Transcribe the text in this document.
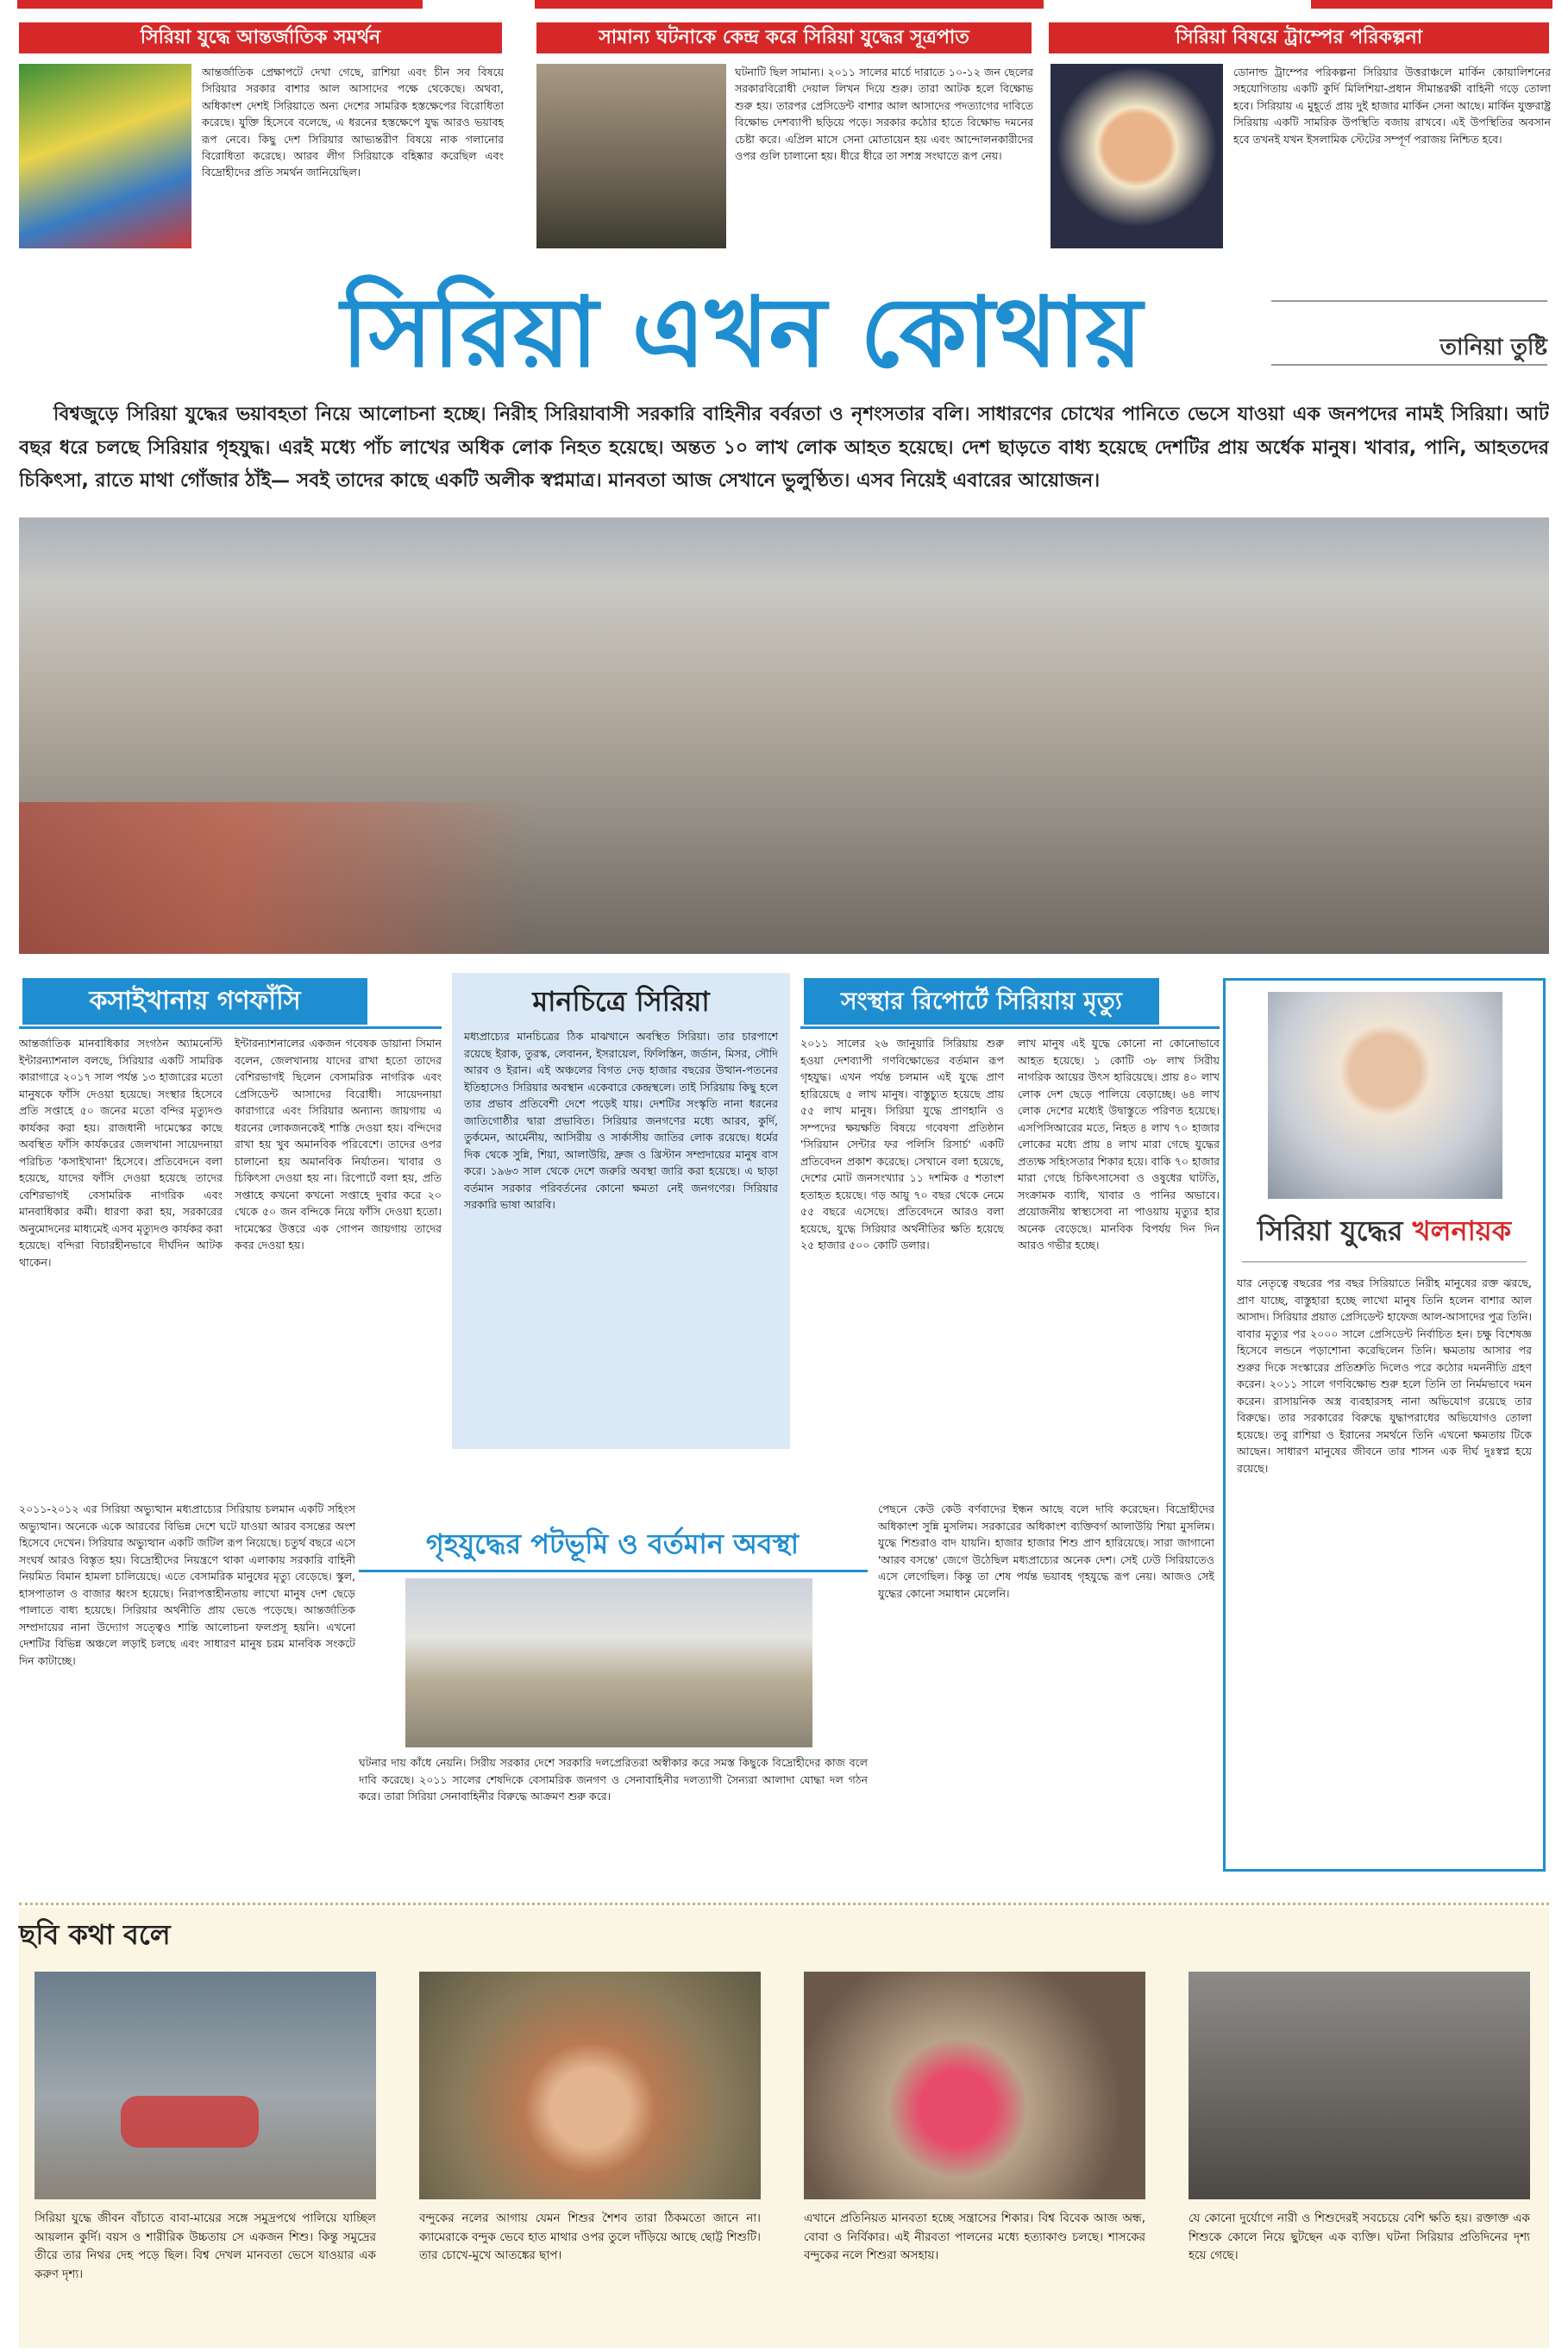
সিরিয়া যুদ্ধে আন্তর্জাতিক সমর্থন
আন্তর্জাতিক প্রেক্ষাপটে দেখা গেছে, রাশিয়া এবং চীন সব বিষয়ে সিরিয়ার সরকার বাশার আল আসাদের পক্ষে থেকেছে। অথবা, অধিকাংশ দেশই সিরিয়াতে অন্য দেশের সামরিক হস্তক্ষেপের বিরোধিতা করেছে। যুক্তি হিসেবে বলেছে, এ ধরনের হস্তক্ষেপে যুদ্ধ আরও ভয়াবহ রূপ নেবে। কিছু দেশ সিরিয়ার আভ্যন্তরীণ বিষয়ে নাক গলানোর বিরোধিতা করেছে। আরব লীগ সিরিয়াকে বহিষ্কার করেছিল এবং বিদ্রোহীদের প্রতি সমর্থন জানিয়েছিল।
সামান্য ঘটনাকে কেন্দ্র করে সিরিয়া যুদ্ধের সূত্রপাত
ঘটনাটি ছিল সামান্য। ২০১১ সালের মার্চে দারাতে ১০-১২ জন ছেলের সরকারবিরোধী দেয়াল লিখন দিয়ে শুরু। তারা আটক হলে বিক্ষোভ শুরু হয়। তারপর প্রেসিডেন্ট বাশার আল আসাদের পদত্যাগের দাবিতে বিক্ষোভ দেশব্যাপী ছড়িয়ে পড়ে। সরকার কঠোর হাতে বিক্ষোভ দমনের চেষ্টা করে। এপ্রিল মাসে সেনা মোতায়েন হয় এবং আন্দোলনকারীদের ওপর গুলি চালানো হয়। ধীরে ধীরে তা সশস্ত্র সংঘাতে রূপ নেয়।
সিরিয়া বিষয়ে ট্রাম্পের পরিকল্পনা
ডোনাল্ড ট্রাম্পের পরিকল্পনা সিরিয়ার উত্তরাঞ্চলে মার্কিন কোয়ালিশনের সহযোগিতায় একটি কুর্দি মিলিশিয়া-প্রধান সীমান্তরক্ষী বাহিনী গড়ে তোলা হবে। সিরিয়ায় এ মুহূর্তে প্রায় দুই হাজার মার্কিন সেনা আছে। মার্কিন যুক্তরাষ্ট্র সিরিয়ায় একটি সামরিক উপস্থিতি বজায় রাখবে। এই উপস্থিতির অবসান হবে তখনই যখন ইসলামিক স্টেটের সম্পূর্ণ পরাজয় নিশ্চিত হবে।
সিরিয়া এখন কোথায়	তানিয়া তুষ্টি
বিশ্বজুড়ে সিরিয়া যুদ্ধের ভয়াবহতা নিয়ে আলোচনা হচ্ছে। নিরীহ সিরিয়াবাসী সরকারি বাহিনীর বর্বরতা ও নৃশংসতার বলি। সাধারণের চোখের পানিতে ভেসে যাওয়া এক জনপদের নামই সিরিয়া। আট বছর ধরে চলছে সিরিয়ার গৃহযুদ্ধ। এরই মধ্যে পাঁচ লাখের অধিক লোক নিহত হয়েছে। অন্তত ১০ লাখ লোক আহত হয়েছে। দেশ ছাড়তে বাধ্য হয়েছে দেশটির প্রায় অর্ধেক মানুষ। খাবার, পানি, আহতদের চিকিৎসা, রাতে মাথা গোঁজার ঠাঁই— সবই তাদের কাছে একটি অলীক স্বপ্নমাত্র। মানবতা আজ সেখানে ভুলুণ্ঠিত। এসব নিয়েই এবারের আয়োজন।
কসাইখানায় গণফাঁসি
আন্তর্জাতিক মানবাধিকার সংগঠন অ্যামনেস্টি ইন্টারন্যাশনাল বলছে, সিরিয়ার একটি সামরিক কারাগারে ২০১৭ সাল পর্যন্ত ১৩ হাজারের মতো মানুষকে ফাঁসি দেওয়া হয়েছে। সংস্থার হিসেবে প্রতি সপ্তাহে ৫০ জনের মতো বন্দির মৃত্যুদণ্ড কার্যকর করা হয়। রাজধানী দামেস্কের কাছে অবস্থিত ফাঁসি কার্যকরের জেলখানা সায়েদনায়া পরিচিত 'কসাইখানা' হিসেবে। প্রতিবেদনে বলা হয়েছে, যাদের ফাঁসি দেওয়া হয়েছে তাদের বেশিরভাগই বেসামরিক নাগরিক এবং মানবাধিকার কর্মী। ধারণা করা হয়, সরকারের অনুমোদনের মাধ্যমেই এসব মৃত্যুদণ্ড কার্যকর করা হয়েছে। বন্দিরা বিচারহীনভাবে দীর্ঘদিন আটক থাকেন।
ইন্টারন্যাশনালের একজন গবেষক ডায়ানা সিমান বলেন, জেলখানায় যাদের রাখা হতো তাদের বেশিরভাগই ছিলেন বেসামরিক নাগরিক এবং প্রেসিডেন্ট আসাদের বিরোধী। সায়েদনায়া কারাগারে এবং সিরিয়ার অন্যান্য জায়গায় এ ধরনের লোকজনকেই শাস্তি দেওয়া হয়। বন্দিদের রাখা হয় খুব অমানবিক পরিবেশে। তাদের ওপর চালানো হয় অমানবিক নির্যাতন। খাবার ও চিকিৎসা দেওয়া হয় না। রিপোর্টে বলা হয়, প্রতি সপ্তাহে কখনো কখনো সপ্তাহে দুবার করে ২০ থেকে ৫০ জন বন্দিকে নিয়ে ফাঁসি দেওয়া হতো। দামেস্কের উত্তরে এক গোপন জায়গায় তাদের কবর দেওয়া হয়।
মানচিত্রে সিরিয়া
মধ্যপ্রাচ্যের মানচিত্রের ঠিক মাঝখানে অবস্থিত সিরিয়া। তার চারপাশে রয়েছে ইরাক, তুরস্ক, লেবানন, ইসরায়েল, ফিলিস্তিন, জর্ডান, মিসর, সৌদি আরব ও ইরান। এই অঞ্চলের বিগত দেড় হাজার বছরের উত্থান-পতনের ইতিহাসেও সিরিয়ার অবস্থান একেবারে কেন্দ্রস্থলে। তাই সিরিয়ায় কিছু হলে তার প্রভাব প্রতিবেশী দেশে পড়েই যায়। দেশটির সংস্কৃতি নানা ধরনের জাতিগোষ্ঠীর দ্বারা প্রভাবিত। সিরিয়ার জনগণের মধ্যে আরব, কুর্দি, তুর্কমেন, আর্মেনীয়, আসিরীয় ও সার্কাসীয় জাতির লোক রয়েছে। ধর্মের দিক থেকে সুন্নি, শিয়া, আলাউয়ি, দ্রুজ ও খ্রিস্টান সম্প্রদায়ের মানুষ বাস করে। ১৯৬৩ সাল থেকে দেশে জরুরি অবস্থা জারি করা হয়েছে। এ ছাড়া বর্তমান সরকার পরিবর্তনের কোনো ক্ষমতা নেই জনগণের। সিরিয়ার সরকারি ভাষা আরবি।
সংস্থার রিপোর্টে সিরিয়ায় মৃত্যু
২০১১ সালের ২৬ জানুয়ারি সিরিয়ায় শুরু হওয়া দেশব্যাপী গণবিক্ষোভের বর্তমান রূপ গৃহযুদ্ধ। এখন পর্যন্ত চলমান এই যুদ্ধে প্রাণ হারিয়েছে ৫ লাখ মানুষ। বাস্তুচ্যুত হয়েছে প্রায় ৫৫ লাখ মানুষ। সিরিয়া যুদ্ধে প্রাণহানি ও সম্পদের ক্ষয়ক্ষতি বিষয়ে গবেষণা প্রতিষ্ঠান 'সিরিয়ান সেন্টার ফর পলিসি রিসার্চ' একটি প্রতিবেদন প্রকাশ করেছে। সেখানে বলা হয়েছে, দেশের মোট জনসংখ্যার ১১ দশমিক ৫ শতাংশ হতাহত হয়েছে। গড় আয়ু ৭০ বছর থেকে নেমে ৫৫ বছরে এসেছে। প্রতিবেদনে আরও বলা হয়েছে, যুদ্ধে সিরিয়ার অর্থনীতির ক্ষতি হয়েছে ২৫ হাজার ৫০০ কোটি ডলার।
লাখ মানুষ এই যুদ্ধে কোনো না কোনোভাবে আহত হয়েছে। ১ কোটি ৩৮ লাখ সিরীয় নাগরিক আয়ের উৎস হারিয়েছে। প্রায় ৪০ লাখ লোক দেশ ছেড়ে পালিয়ে বেড়াচ্ছে। ৬৪ লাখ লোক দেশের মধ্যেই উদ্বাস্তুতে পরিণত হয়েছে। এসপিসিআরের মতে, নিহত ৪ লাখ ৭০ হাজার লোকের মধ্যে প্রায় ৪ লাখ মারা গেছে যুদ্ধের প্রত্যক্ষ সহিংসতার শিকার হয়ে। বাকি ৭০ হাজার মারা গেছে চিকিৎসাসেবা ও ওষুধের ঘাটতি, সংক্রামক ব্যাধি, খাবার ও পানির অভাবে। প্রয়োজনীয় স্বাস্থ্যসেবা না পাওয়ায় মৃত্যুর হার অনেক বেড়েছে। মানবিক বিপর্যয় দিন দিন আরও গভীর হচ্ছে।	সিরিয়া যুদ্ধের খলনায়ক
যার নেতৃত্বে বছরের পর বছর সিরিয়াতে নিরীহ মানুষের রক্ত ঝরছে, প্রাণ যাচ্ছে, বাস্তুহারা হচ্ছে লাখো মানুষ তিনি হলেন বাশার আল আসাদ। সিরিয়ার প্রয়াত প্রেসিডেন্ট হাফেজ আল-আসাদের পুত্র তিনি। বাবার মৃত্যুর পর ২০০০ সালে প্রেসিডেন্ট নির্বাচিত হন। চক্ষু বিশেষজ্ঞ হিসেবে লন্ডনে পড়াশোনা করেছিলেন তিনি। ক্ষমতায় আসার পর শুরুর দিকে সংস্কারের প্রতিশ্রুতি দিলেও পরে কঠোর দমননীতি গ্রহণ করেন। ২০১১ সালে গণবিক্ষোভ শুরু হলে তিনি তা নির্মমভাবে দমন করেন। রাসায়নিক অস্ত্র ব্যবহারসহ নানা অভিযোগ রয়েছে তার বিরুদ্ধে। তার সরকারের বিরুদ্ধে যুদ্ধাপরাধের অভিযোগও তোলা হয়েছে। তবু রাশিয়া ও ইরানের সমর্থনে তিনি এখনো ক্ষমতায় টিকে আছেন। সাধারণ মানুষের জীবনে তার শাসন এক দীর্ঘ দুঃস্বপ্ন হয়ে রয়েছে।
২০১১-২০১২ এর সিরিয়া অভ্যুত্থান মধ্যপ্রাচ্যের সিরিয়ায় চলমান একটি সহিংস অভ্যুত্থান। অনেকে একে আরবের বিভিন্ন দেশে ঘটে যাওয়া আরব বসন্তের অংশ হিসেবে দেখেন। সিরিয়ার অভ্যুত্থান একটি জটিল রূপ নিয়েছে। চতুর্থ বছরে এসে সংঘর্ষ আরও বিস্তৃত হয়। বিদ্রোহীদের নিয়ন্ত্রণে থাকা এলাকায় সরকারি বাহিনী নিয়মিত বিমান হামলা চালিয়েছে। এতে বেসামরিক মানুষের মৃত্যু বেড়েছে। স্কুল, হাসপাতাল ও বাজার ধ্বংস হয়েছে। নিরাপত্তাহীনতায় লাখো মানুষ দেশ ছেড়ে পালাতে বাধ্য হয়েছে। সিরিয়ার অর্থনীতি প্রায় ভেঙে পড়েছে। আন্তর্জাতিক সম্প্রদায়ের নানা উদ্যোগ সত্ত্বেও শান্তি আলোচনা ফলপ্রসূ হয়নি। এখনো দেশটির বিভিন্ন অঞ্চলে লড়াই চলছে এবং সাধারণ মানুষ চরম মানবিক সংকটে দিন কাটাচ্ছে।
গৃহযুদ্ধের পটভূমি ও বর্তমান অবস্থা
ঘটনার দায় কাঁধে নেয়নি। সিরীয় সরকার দেশে সরকারি দলপ্রেরিতরা অস্বীকার করে সমস্ত কিছুকে বিদ্রোহীদের কাজ বলে দাবি করেছে। ২০১১ সালের শেষদিকে বেসামরিক জনগণ ও সেনাবাহিনীর দলত্যাগী সৈন্যরা আলাদা যোদ্ধা দল গঠন করে। তারা সিরিয়া সেনাবাহিনীর বিরুদ্ধে আক্রমণ শুরু করে।
পেছনে কেউ কেউ বর্ণবাদের ইন্ধন আছে বলে দাবি করেছেন। বিদ্রোহীদের অধিকাংশ সুন্নি মুসলিম। সরকারের অধিকাংশ ব্যক্তিবর্গ আলাউয়ি শিয়া মুসলিম। যুদ্ধে শিশুরাও বাদ যায়নি। হাজার হাজার শিশু প্রাণ হারিয়েছে। সারা জাগানো 'আরব বসন্তে' জেগে উঠেছিল মধ্যপ্রাচ্যের অনেক দেশ। সেই ঢেউ সিরিয়াতেও এসে লেগেছিল। কিন্তু তা শেষ পর্যন্ত ভয়াবহ গৃহযুদ্ধে রূপ নেয়। আজও সেই যুদ্ধের কোনো সমাধান মেলেনি।
ছবি কথা বলে
সিরিয়া যুদ্ধে জীবন বাঁচাতে বাবা-মায়ের সঙ্গে সমুদ্রপথে পালিয়ে যাচ্ছিল আয়লান কুর্দি। বয়স ও শারীরিক উচ্চতায় সে একজন শিশু। কিন্তু সমুদ্রের তীরে তার নিথর দেহ পড়ে ছিল। বিশ্ব দেখল মানবতা ভেসে যাওয়ার এক করুণ দৃশ্য।
বন্দুকের নলের আগায় যেমন শিশুর শৈশব তারা ঠিকমতো জানে না। ক্যামেরাকে বন্দুক ভেবে হাত মাথার ওপর তুলে দাঁড়িয়ে আছে ছোট্ট শিশুটি। তার চোখে-মুখে আতঙ্কের ছাপ।
এখানে প্রতিনিয়ত মানবতা হচ্ছে সন্ত্রাসের শিকার। বিশ্ব বিবেক আজ অন্ধ, বোবা ও নির্বিকার। এই নীরবতা পালনের মধ্যে হত্যাকাণ্ড চলছে। শাসকের বন্দুকের নলে শিশুরা অসহায়।
যে কোনো দুর্যোগে নারী ও শিশুদেরই সবচেয়ে বেশি ক্ষতি হয়। রক্তাক্ত এক শিশুকে কোলে নিয়ে ছুটছেন এক ব্যক্তি। ঘটনা সিরিয়ার প্রতিদিনের দৃশ্য হয়ে গেছে।
